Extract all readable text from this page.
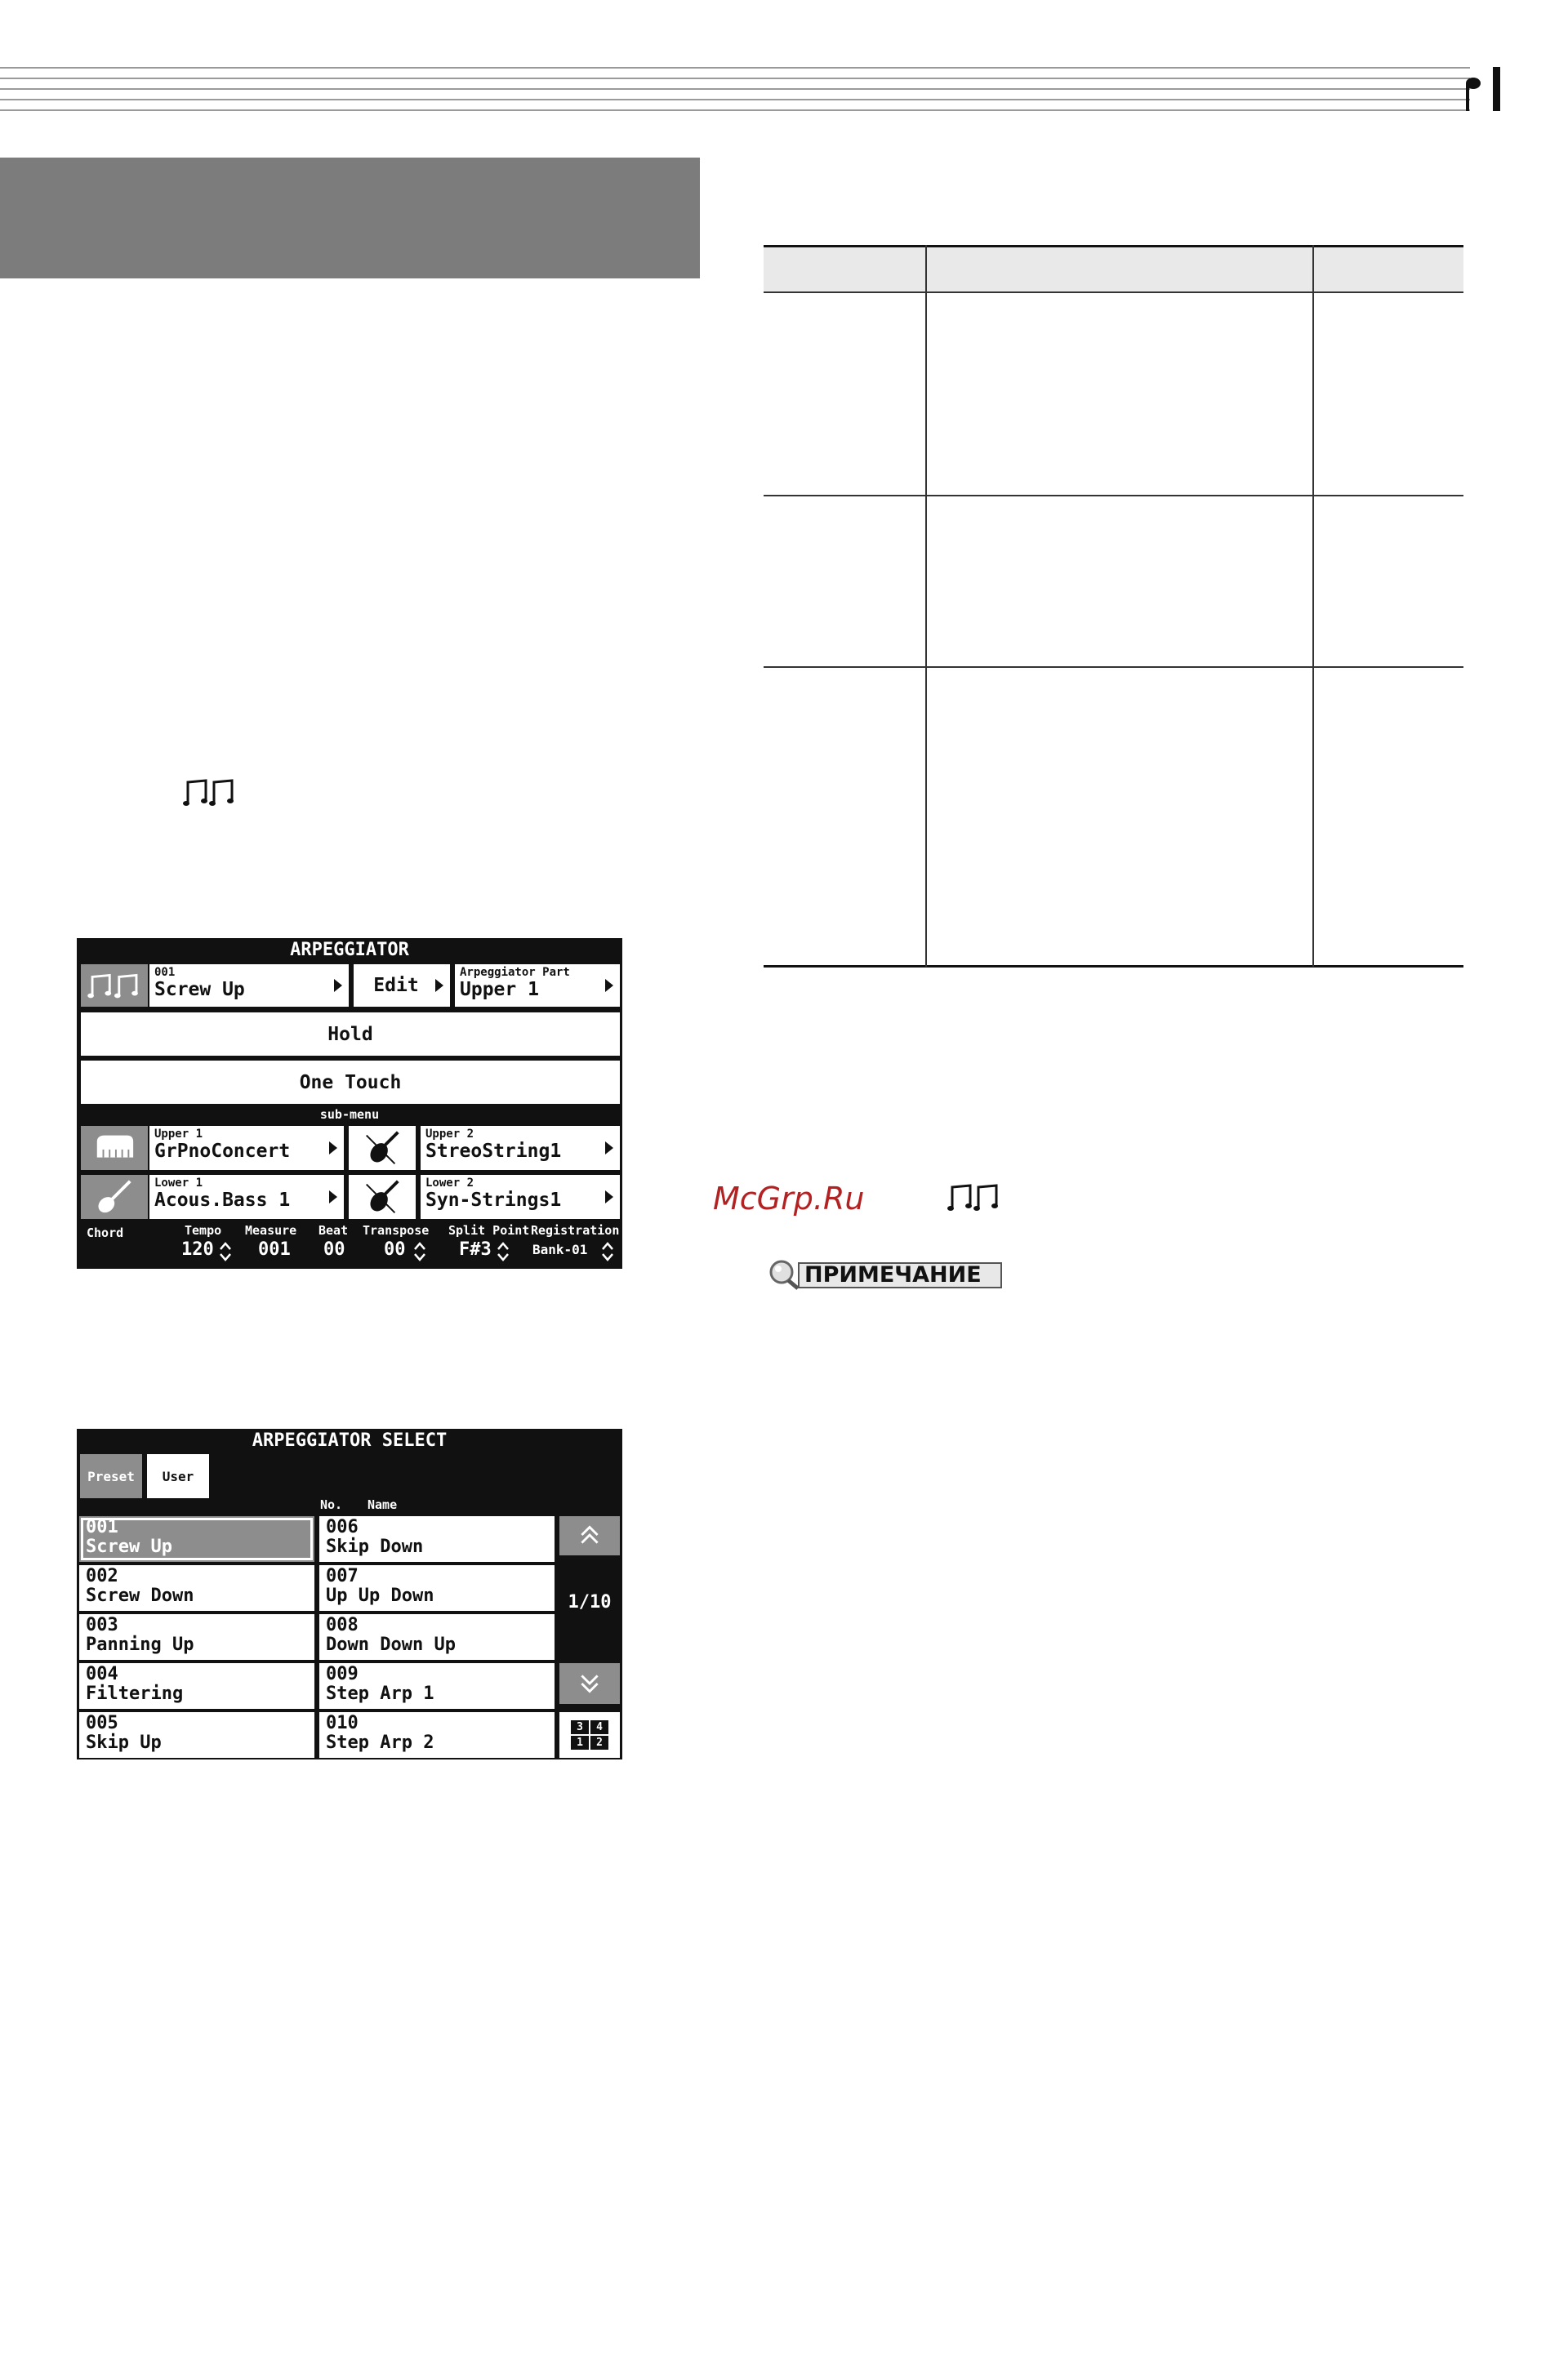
ARPEGGIATOR
001
Screw Up	Edit
Arpeggiator Part
Upper 1
Hold
One Touch
sub-menu
Upper 1
GrPnoConcert
Upper 2
StreoString1
Lower 1
Acous.Bass 1
Lower 2
Syn-Strings1
Chord	Tempo
120
Measure
001
Beat
00
Transpose
00
Split Point
F#3
Registration
Bank-01
ARPEGGIATOR SELECT
Preset User
No. Name
001
Screw Up
002
Screw Down
003
Panning Up
004
Filtering
005
Skip Up
006
Skip Down
007
Up Up Down
008
Down Down Up
009
Step Arp 1
010
Step Arp 2
1/10
3	4
1	2
McGrp.Ru
ПРИМЕЧАНИЕ
